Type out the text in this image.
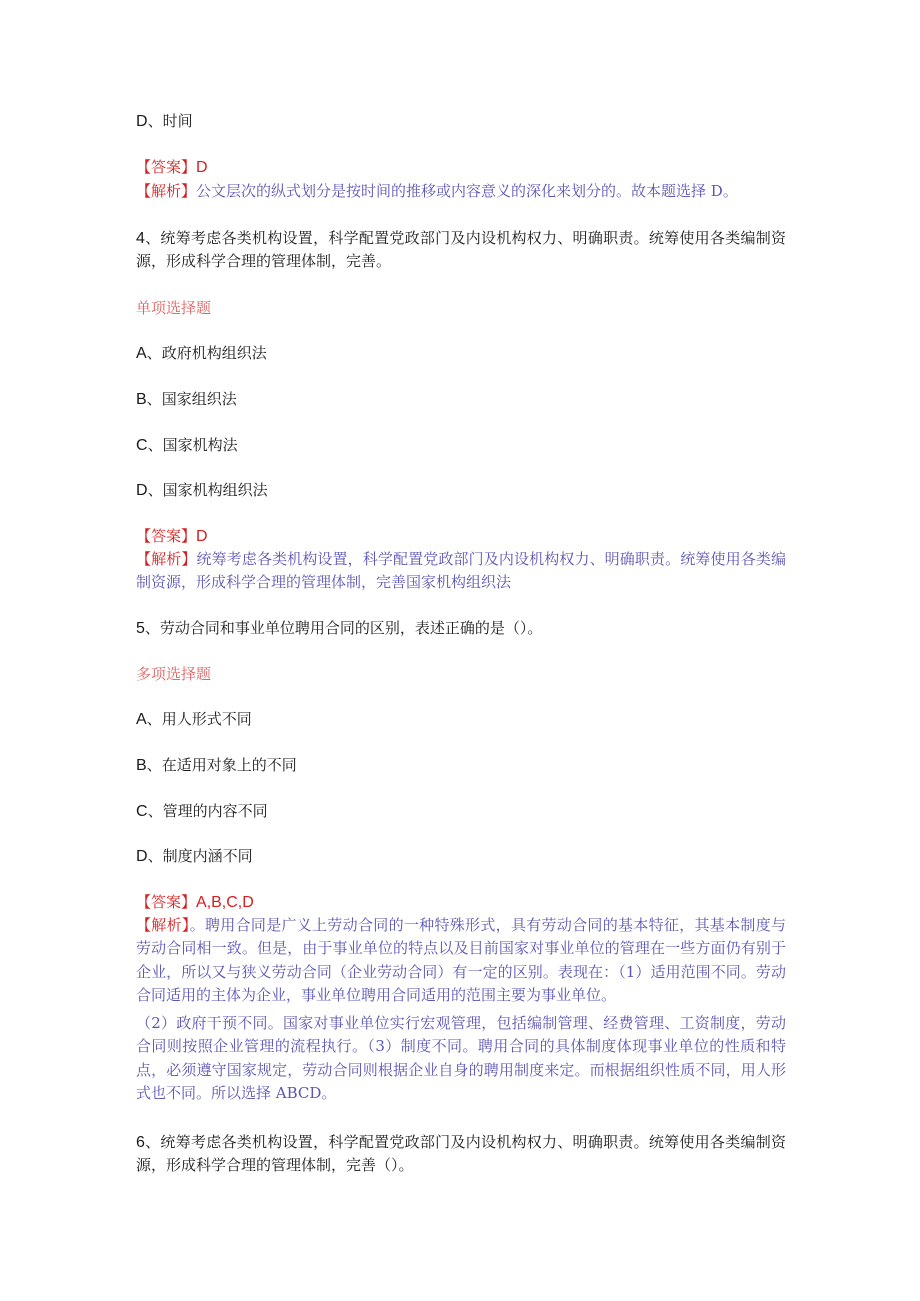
D、时间
【答案】D
【解析】公文层次的纵式划分是按时间的推移或内容意义的深化来划分的。故本题选择 D。
4、统筹考虑各类机构设置，科学配置党政部门及内设机构权力、明确职责。统筹使用各类编制资源，形成科学合理的管理体制，完善。
单项选择题
A、政府机构组织法
B、国家组织法
C、国家机构法
D、国家机构组织法
【答案】D
【解析】统筹考虑各类机构设置，科学配置党政部门及内设机构权力、明确职责。统筹使用各类编制资源，形成科学合理的管理体制，完善国家机构组织法
5、劳动合同和事业单位聘用合同的区别，表述正确的是（）。
多项选择题
A、用人形式不同
B、在适用对象上的不同
C、管理的内容不同
D、制度内涵不同
【答案】A,B,C,D
【解析】。聘用合同是广义上劳动合同的一种特殊形式，具有劳动合同的基本特征，其基本制度与劳动合同相一致。但是，由于事业单位的特点以及目前国家对事业单位的管理在一些方面仍有别于企业，所以又与狭义劳动合同（企业劳动合同）有一定的区别。表现在：（1）适用范围不同。劳动合同适用的主体为企业，事业单位聘用合同适用的范围主要为事业单位。
（2）政府干预不同。国家对事业单位实行宏观管理，包括编制管理、经费管理、工资制度，劳动合同则按照企业管理的流程执行。（3）制度不同。聘用合同的具体制度体现事业单位的性质和特点，必须遵守国家规定，劳动合同则根据企业自身的聘用制度来定。而根据组织性质不同，用人形式也不同。所以选择 ABCD。
6、统筹考虑各类机构设置，科学配置党政部门及内设机构权力、明确职责。统筹使用各类编制资源，形成科学合理的管理体制，完善（）。
